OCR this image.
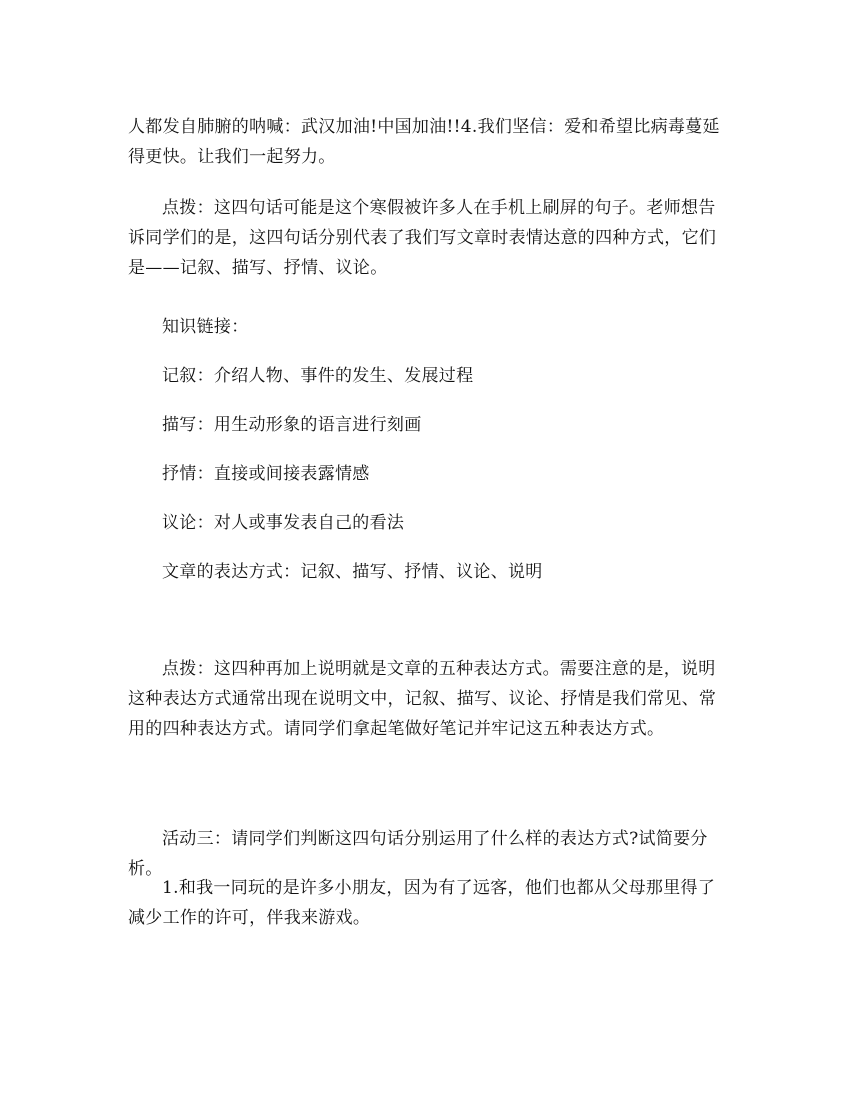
人都发自肺腑的呐喊：武汉加油!中国加油!!4.我们坚信：爱和希望比病毒蔓延得更快。让我们一起努力。

点拨：这四句话可能是这个寒假被许多人在手机上刷屏的句子。老师想告诉同学们的是，这四句话分别代表了我们写文章时表情达意的四种方式，它们是——记叙、描写、抒情、议论。

知识链接：

记叙：介绍人物、事件的发生、发展过程

描写：用生动形象的语言进行刻画

抒情：直接或间接表露情感

议论：对人或事发表自己的看法

文章的表达方式：记叙、描写、抒情、议论、说明

点拨：这四种再加上说明就是文章的五种表达方式。需要注意的是，说明这种表达方式通常出现在说明文中，记叙、描写、议论、抒情是我们常见、常用的四种表达方式。请同学们拿起笔做好笔记并牢记这五种表达方式。

活动三：请同学们判断这四句话分别运用了什么样的表达方式?试简要分析。

1.和我一同玩的是许多小朋友，因为有了远客，他们也都从父母那里得了减少工作的许可，伴我来游戏。
